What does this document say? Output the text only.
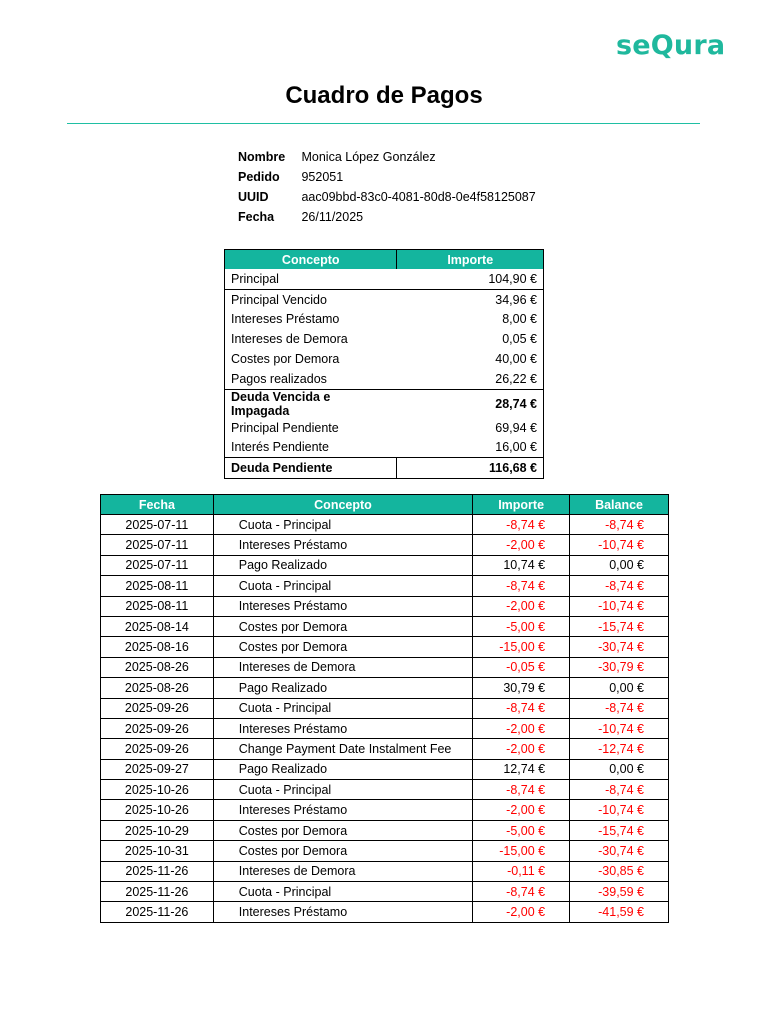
seQura
Cuadro de Pagos
Nombre Monica López González
Pedido 952051
UUID	aac09bbd-83c0-4081-80d8-0e4f58125087
Fecha 26/11/2025
Concepto	Importe
Principal	104,90 €
Principal Vencido	34,96 €
Intereses Préstamo	8,00 €
Intereses de Demora	0,05 €
Costes por Demora	40,00 €
Pagos realizados	26,22 €
Deuda Vencida e Impagada	28,74 €
Principal Pendiente	69,94 €
Interés Pendiente	16,00 €
Deuda Pendiente	116,68 €
Fecha	Concepto	Importe	Balance
2025-07-11	Cuota - Principal	-8,74 €	-8,74 €
2025-07-11	Intereses Préstamo	-2,00 €	-10,74 €
2025-07-11	Pago Realizado	10,74 €	0,00 €
2025-08-11	Cuota - Principal	-8,74 €	-8,74 €
2025-08-11	Intereses Préstamo	-2,00 €	-10,74 €
2025-08-14	Costes por Demora	-5,00 €	-15,74 €
2025-08-16	Costes por Demora	-15,00 €	-30,74 €
2025-08-26	Intereses de Demora	-0,05 €	-30,79 €
2025-08-26	Pago Realizado	30,79 €	0,00 €
2025-09-26	Cuota - Principal	-8,74 €	-8,74 €
2025-09-26	Intereses Préstamo	-2,00 €	-10,74 €
2025-09-26	Change Payment Date Instalment Fee	-2,00 €	-12,74 €
2025-09-27	Pago Realizado	12,74 €	0,00 €
2025-10-26	Cuota - Principal	-8,74 €	-8,74 €
2025-10-26	Intereses Préstamo	-2,00 €	-10,74 €
2025-10-29	Costes por Demora	-5,00 €	-15,74 €
2025-10-31	Costes por Demora	-15,00 €	-30,74 €
2025-11-26	Intereses de Demora	-0,11 €	-30,85 €
2025-11-26	Cuota - Principal	-8,74 €	-39,59 €
2025-11-26	Intereses Préstamo	-2,00 €	-41,59 €
